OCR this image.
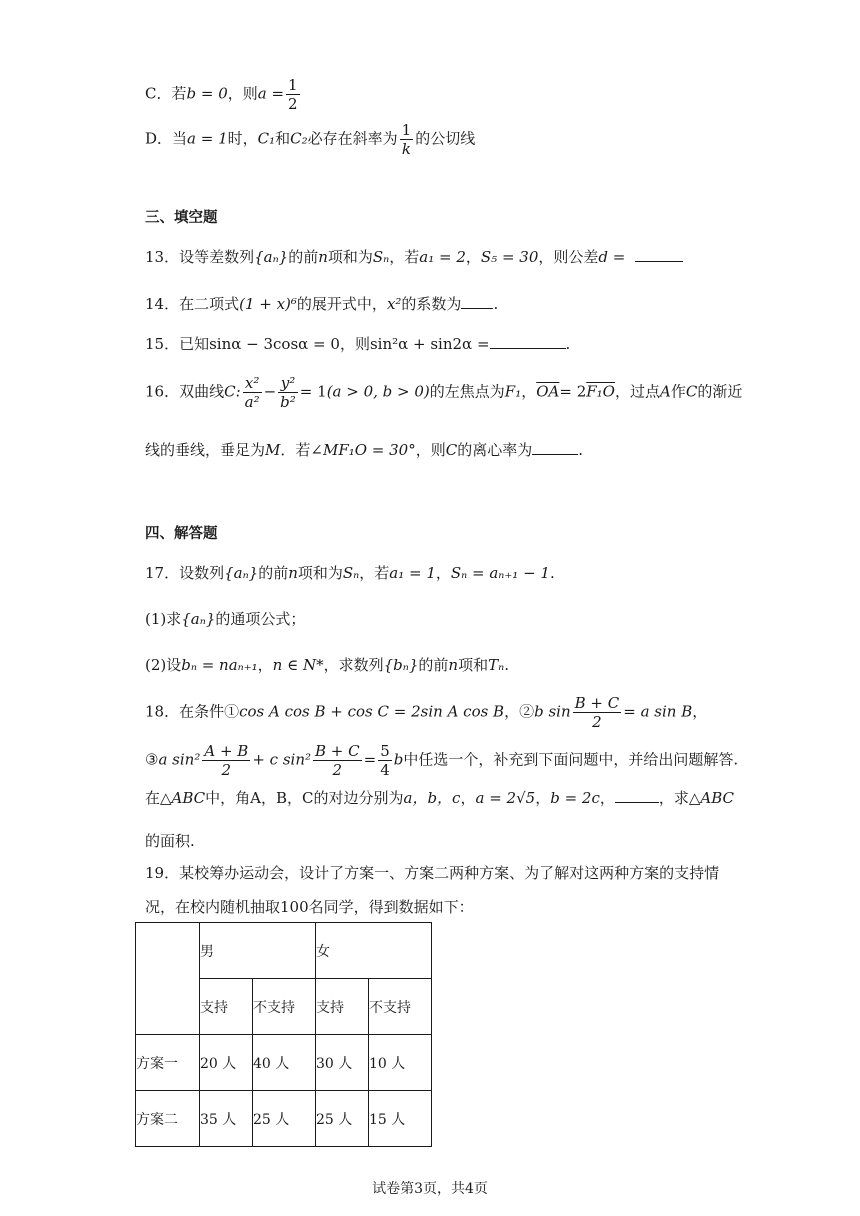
C．若b = 0，则$a = \frac{1}{2}$
D．当a = 1时，C₁和C₂必存在斜率为 $\frac{1}{k}$ 的公切线
三、填空题
13．设等差数列{aₙ}的前n项和为Sₙ，若a₁ = 2，S₅ = 30，则公差d =
14．在二项式(1 + x)⁶的展开式中，x²的系数为 .
15．已知sinα − 3cosα = 0，则sin²α + sin2α =	.
16．双曲线C: $\frac{\text{x²}}{\text{a²}} - \frac{\text{y²}}{\text{b²}} = 1(a > 0$, b > 0)的左焦点为F₁，$\overline{OA}= 2F_1O$，过点A作C的渐近
线的垂线，垂足为M．若∠MF₁O = 30°，则C的离心率为	.
四、解答题
17．设数列{aₙ}的前n项和为Sₙ，若a₁ = 1，Sₙ = aₙ₊₁ − 1.
(1)求{aₙ}的通项公式；
(2)设bₙ = naₙ₊₁，n ∈ N*，求数列{bₙ}的前n项和Tₙ.
18．在条件①cos A cos B + cos C = 2sin A cos B，②b $\sin \frac{B + C}{2} = a$ sin B，
③a $\sin^2 \frac{A + B}{2} + c$ $\sin^2 \frac{B + C}{2} = \frac{5}{4}$ b中任选一个，补充到下面问题中，并给出问题解答.
在△ABC中，角A，B，C的对边分别为a，b，c，a = 2√5，b = 2c，	，求△ABC
的面积.
19．某校筹办运动会，设计了方案一、方案二两种方案、为了解对这两种方案的支持情
况，在校内随机抽取100名同学，得到数据如下：
	男		女	
	支持	不支持	支持	不支持
方案一	20 人	40 人	30 人	10 人
方案二	35 人	25 人	25 人	15 人
试卷第3页，共4页
